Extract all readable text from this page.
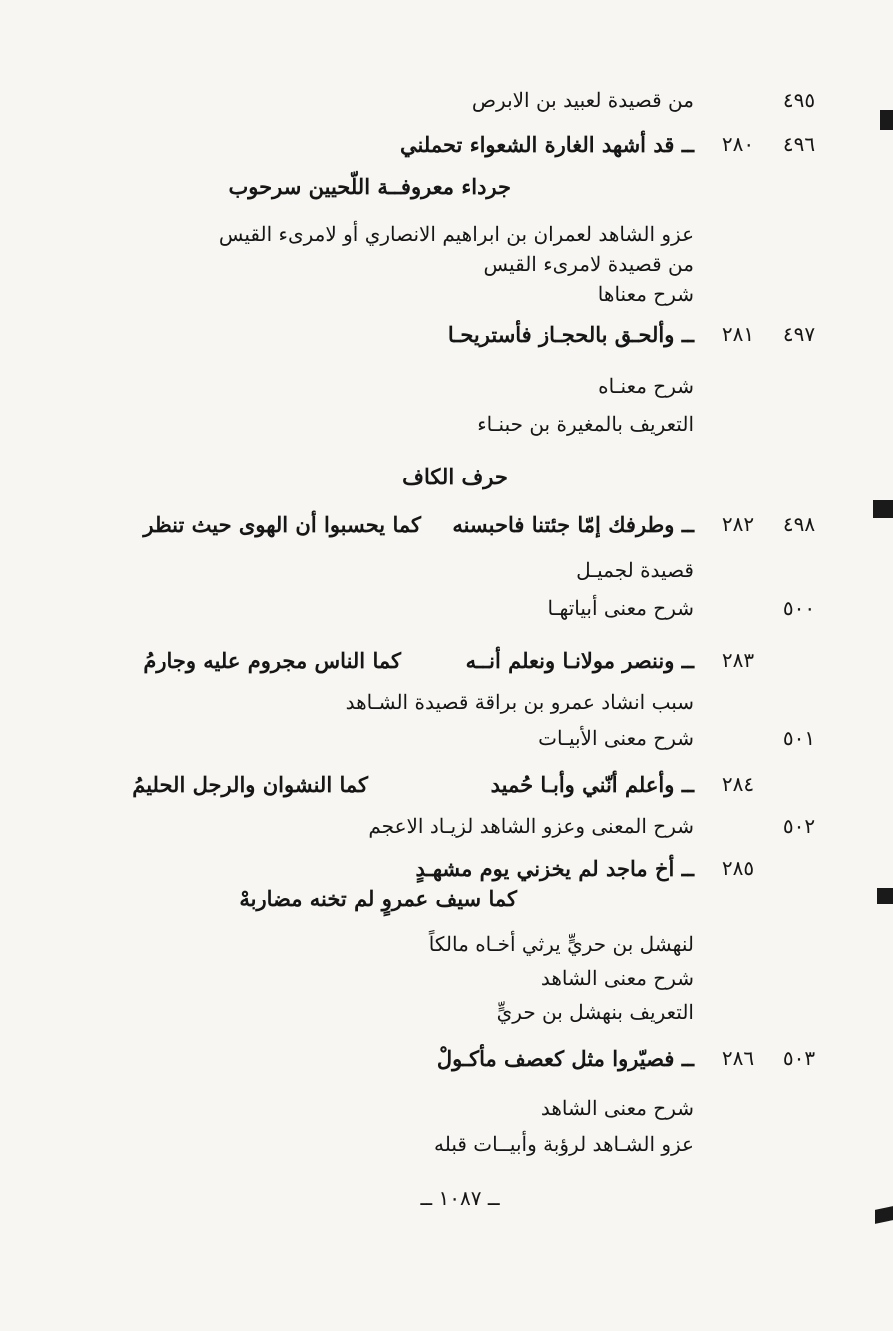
٤٩٥
من قصيدة لعبيد بن الابرص
٤٩٦
٢٨٠
ــ قد أشهد الغارة الشعواء تحملني
جرداء معروفــة اللّحيين سرحوب
عزو الشاهد لعمران بن ابراهيم الانصاري أو لامرىء القيس
من قصيدة لامرىء القيس
شرح معناها
٤٩٧
٢٨١
ــ وألحـق بالحجـاز فأستريحـا
شرح معنـاه
التعريف بالمغيرة بن حبنـاء
حرف الكاف
٤٩٨
٢٨٢
ــ وطرفك إمّا جئتنا فاحبسنه
كما يحسبوا أن الهوى حيث تنظر
قصيدة لجميـل
٥٠٠
شرح معنى أبياتهـا
٢٨٣
ــ وننصر مولانـا ونعلم أنــه
كما الناس مجروم عليه وجارمُ
سبب انشاد عمرو بن براقة قصيدة الشـاهد
٥٠١
شرح معنى الأبيـات
٢٨٤
ــ وأعلم أنّني وأبـا حُميد
كما النشوان والرجل الحليمُ
٥٠٢
شرح المعنى وعزو الشاهد لزيـاد الاعجم
٢٨٥
ــ أخ ماجد لم يخزني يوم مشهـدٍ
كما سيف عمروٍ لم تخنه مضاربهْ
لنهشل بن حريٍّ يرثي أخـاه مالكاً
شرح معنى الشاهد
التعريف بنهشل بن حريٍّ
٥٠٣
٢٨٦
ــ فصيّروا مثل كعصف مأكـولْ
شرح معنى الشاهد
عزو الشـاهد لرؤبة وأبيــات قبله
ــ ١٠٨٧ ــ
